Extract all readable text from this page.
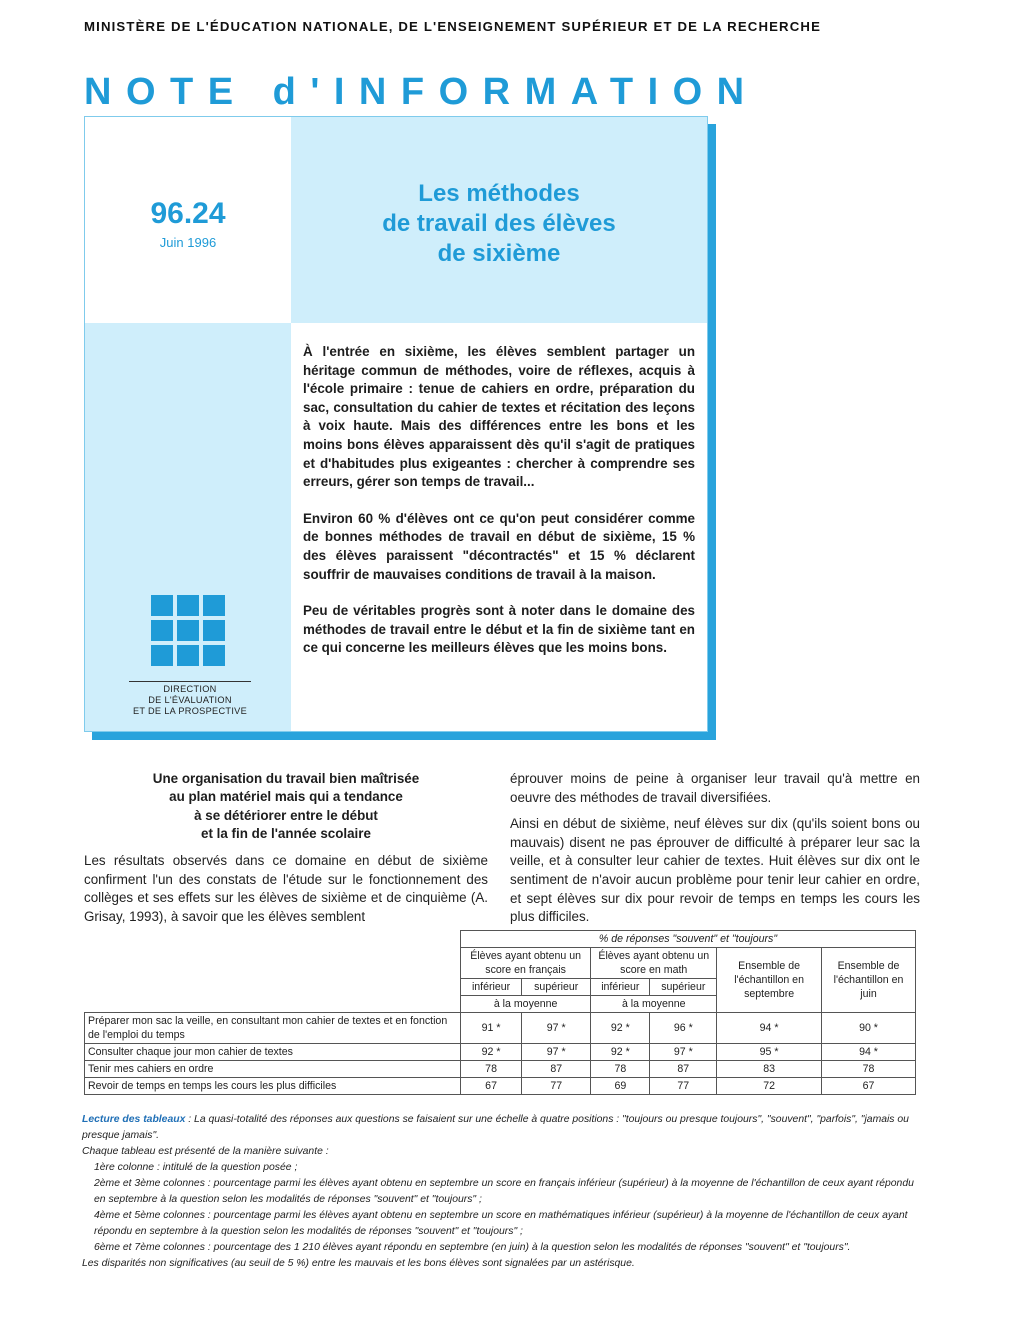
MINISTÈRE DE L'ÉDUCATION NATIONALE, DE L'ENSEIGNEMENT SUPÉRIEUR ET DE LA RECHERCHE
NOTE d'INFORMATION
96.24
Juin 1996
Les méthodes
de travail des élèves
de sixième
DIRECTION
DE L'ÉVALUATION
ET DE LA PROSPECTIVE

À l'entrée en sixième, les élèves semblent partager un héritage commun de méthodes, voire de réflexes, acquis à l'école primaire : tenue de cahiers en ordre, préparation du sac, consultation du cahier de textes et récitation des leçons à voix haute. Mais des différences entre les bons et les moins bons élèves apparaissent dès qu'il s'agit de pratiques et d'habitudes plus exigeantes : chercher à comprendre ses erreurs, gérer son temps de travail...

Environ 60 % d'élèves ont ce qu'on peut considérer comme de bonnes méthodes de travail en début de sixième, 15 % des élèves paraissent "décontractés" et 15 % déclarent souffrir de mauvaises conditions de travail à la maison.

Peu de véritables progrès sont à noter dans le domaine des méthodes de travail entre le début et la fin de sixième tant en ce qui concerne les meilleurs élèves que les moins bons.

Une organisation du travail bien maîtrisée
au plan matériel mais qui a tendance
à se détériorer entre le début
et la fin de l'année scolaire
Les résultats observés dans ce domaine en début de sixième confirment l'un des constats de l'étude sur le fonctionnement des collèges et ses effets sur les élèves de sixième et de cinquième (A. Grisay, 1993), à savoir que les élèves semblent

éprouver moins de peine à organiser leur travail qu'à mettre en oeuvre des méthodes de travail diversifiées.

Ainsi en début de sixième, neuf élèves sur dix (qu'ils soient bons ou mauvais) disent ne pas éprouver de difficulté à préparer leur sac la veille, et à consulter leur cahier de textes. Huit élèves sur dix ont le sentiment de n'avoir aucun problème pour tenir leur cahier en ordre, et sept élèves sur dix pour revoir de temps en temps les cours les plus difficiles.

	% de réponses "souvent" et "toujours"					
	Élèves ayant obtenu un score en français		Élèves ayant obtenu un score en math		Ensemble de l'échantillon en septembre	Ensemble de l'échantillon en juin
	inférieur	supérieur	inférieur	supérieur		
	à la moyenne		à la moyenne			
Préparer mon sac la veille, en consultant mon cahier de textes et en fonction de l'emploi du temps	91 *	97 *	92 *	96 *	94 *	90 *
Consulter chaque jour mon cahier de textes	92 *	97 *	92 *	97 *	95 *	94 *
Tenir mes cahiers en ordre	78	87	78	87	83	78
Revoir de temps en temps les cours les plus difficiles	67	77	69	77	72	67

Lecture des tableaux : La quasi-totalité des réponses aux questions se faisaient sur une échelle à quatre positions : "toujours ou presque toujours", "souvent", "parfois", "jamais ou presque jamais".

Chaque tableau est présenté de la manière suivante :

1ère colonne : intitulé de la question posée ;

2ème et 3ème colonnes : pourcentage parmi les élèves ayant obtenu en septembre un score en français inférieur (supérieur) à la moyenne de l'échantillon de ceux ayant répondu en septembre à la question selon les modalités de réponses "souvent" et "toujours" ;

4ème et 5ème colonnes : pourcentage parmi les élèves ayant obtenu en septembre un score en mathématiques inférieur (supérieur) à la moyenne de l'échantillon de ceux ayant répondu en septembre à la question selon les modalités de réponses "souvent" et "toujours" ;

6ème et 7ème colonnes : pourcentage des 1 210 élèves ayant répondu en septembre (en juin) à la question selon les modalités de réponses "souvent" et "toujours".

Les disparités non significatives (au seuil de 5 %) entre les mauvais et les bons élèves sont signalées par un astérisque.
